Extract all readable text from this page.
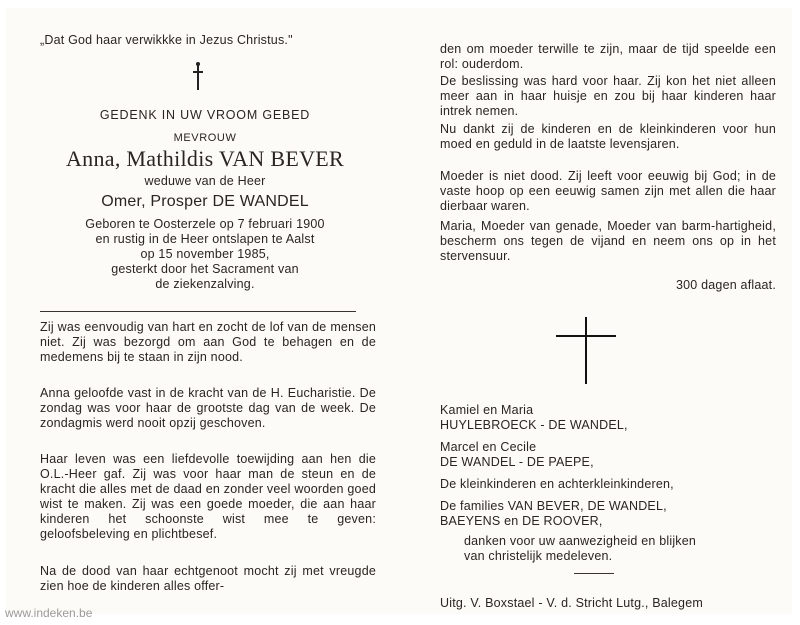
„Dat God haar verwikkke in Jezus Christus."
GEDENK IN UW VROOM GEBED
MEVROUW
Anna, Mathildis VAN BEVER
weduwe van de Heer
Omer, Prosper DE WANDEL
Geboren te Oosterzele op 7 februari 1900
en rustig in de Heer ontslapen te Aalst
op 15 november 1985,
gesterkt door het Sacrament van
de ziekenzalving.

Zij was eenvoudig van hart en zocht de lof van de mensen niet. Zij was bezorgd om aan God te behagen en de medemens bij te staan in zijn nood.

Anna geloofde vast in de kracht van de H. Eucharistie. De zondag was voor haar de grootste dag van de week. De zondagmis werd nooit opzij geschoven.

Haar leven was een liefdevolle toewijding aan hen die O.L.-Heer gaf. Zij was voor haar man de steun en de kracht die alles met de daad en zonder veel woorden goed wist te maken. Zij was een goede moeder, die aan haar kinderen het schoonste wist mee te geven: geloofsbeleving en plichtbesef.

Na de dood van haar echtgenoot mocht zij met vreugde zien hoe de kinderen alles offer-

den om moeder terwille te zijn, maar de tijd speelde een rol: ouderdom.

De beslissing was hard voor haar. Zij kon het niet alleen meer aan in haar huisje en zou bij haar kinderen haar intrek nemen.

Nu dankt zij de kinderen en de kleinkinderen voor hun moed en geduld in de laatste levensjaren.

Moeder is niet dood. Zij leeft voor eeuwig bij God; in de vaste hoop op een eeuwig samen zijn met allen die haar dierbaar waren.

Maria, Moeder van genade, Moeder van barm-hartigheid, bescherm ons tegen de vijand en neem ons op in het stervensuur.

300 dagen aflaat.
Kamiel en Maria
HUYLEBROECK - DE WANDEL,
Marcel en Cecile
DE WANDEL - DE PAEPE,
De kleinkinderen en achterkleinkinderen,
De families VAN BEVER, DE WANDEL,
BAEYENS en DE ROOVER,
danken voor uw aanwezigheid en blijken
van christelijk medeleven.
Uitg. V. Boxstael - V. d. Stricht Lutg., Balegem
www.indeken.be
